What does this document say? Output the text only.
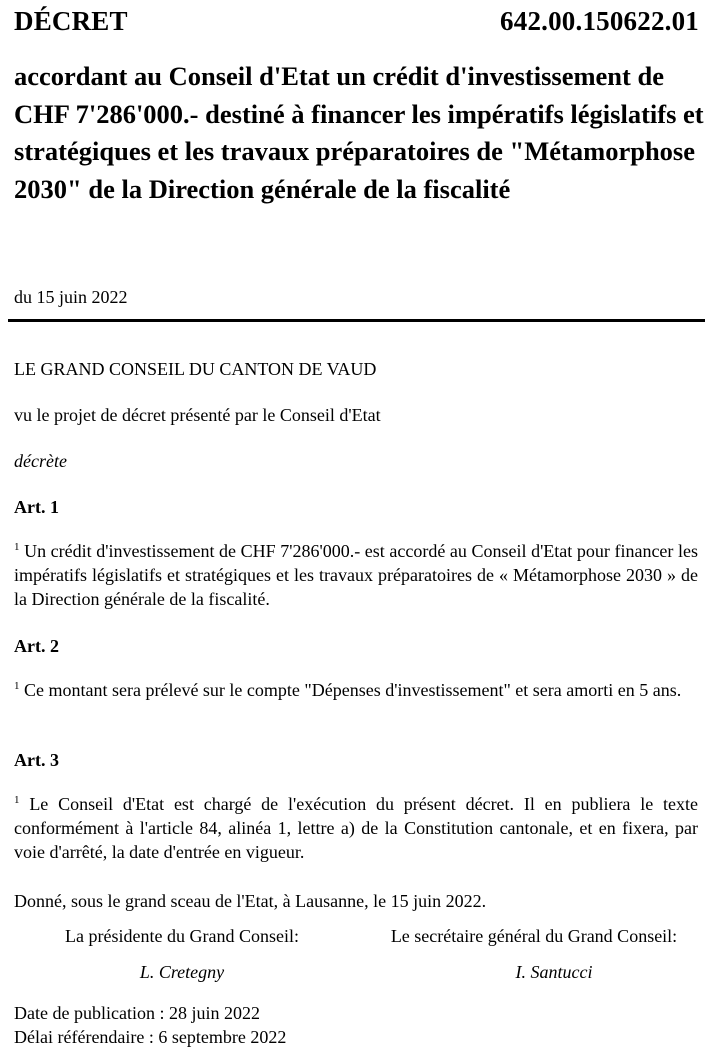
DÉCRET	642.00.150622.01
accordant au Conseil d'Etat un crédit d'investissement de CHF 7'286'000.- destiné à financer les impératifs législatifs et stratégiques et les travaux préparatoires de "Métamorphose 2030" de la Direction générale de la fiscalité
du 15 juin 2022
LE GRAND CONSEIL DU CANTON DE VAUD
vu le projet de décret présenté par le Conseil d'Etat
décrète
Art. 1
$^1$ Un crédit d'investissement de CHF 7'286'000.- est accordé au Conseil d'Etat pour financer les impératifs législatifs et stratégiques et les travaux préparatoires de « Métamorphose 2030 » de la Direction générale de la fiscalité.
Art. 2
$^1$ Ce montant sera prélevé sur le compte "Dépenses d'investissement" et sera amorti en 5 ans.
Art. 3
$^1$ Le Conseil d'Etat est chargé de l'exécution du présent décret. Il en publiera le texte conformément à l'article 84, alinéa 1, lettre a) de la Constitution cantonale, et en fixera, par voie d'arrêté, la date d'entrée en vigueur.
Donné, sous le grand sceau de l'Etat, à Lausanne, le 15 juin 2022.
La présidente du Grand Conseil:	Le secrétaire général du Grand Conseil:
L. Cretegny	I. Santucci
Date de publication : 28 juin 2022
Délai référendaire : 6 septembre 2022
